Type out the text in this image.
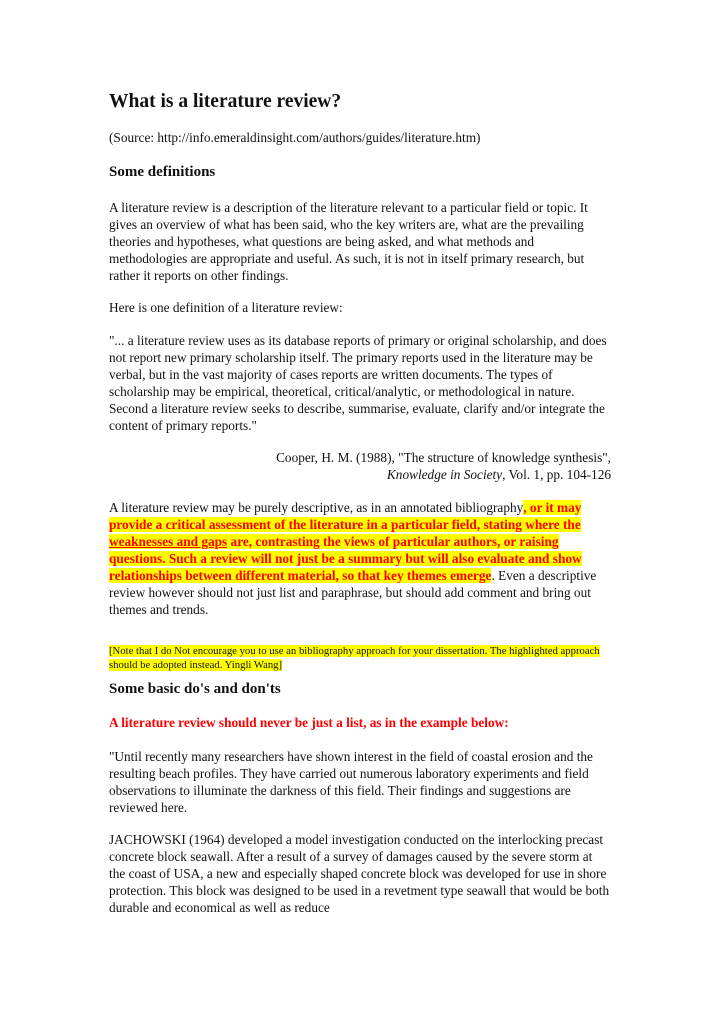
What is a literature review?

(Source: http://info.emeraldinsight.com/authors/guides/literature.htm)

Some definitions

A literature review is a description of the literature relevant to a particular field or topic. It gives an overview of what has been said, who the key writers are, what are the prevailing theories and hypotheses, what questions are being asked, and what methods and methodologies are appropriate and useful. As such, it is not in itself primary research, but rather it reports on other findings.

Here is one definition of a literature review:

"... a literature review uses as its database reports of primary or original scholarship, and does not report new primary scholarship itself. The primary reports used in the literature may be verbal, but in the vast majority of cases reports are written documents. The types of scholarship may be empirical, theoretical, critical/analytic, or methodological in nature. Second a literature review seeks to describe, summarise, evaluate, clarify and/or integrate the content of primary reports."

Cooper, H. M. (1988), "The structure of knowledge synthesis",
Knowledge in Society, Vol. 1, pp. 104-126

A literature review may be purely descriptive, as in an annotated bibliography, or it may provide a critical assessment of the literature in a particular field, stating where the weaknesses and gaps are, contrasting the views of particular authors, or raising questions. Such a review will not just be a summary but will also evaluate and show relationships between different material, so that key themes emerge. Even a descriptive review however should not just list and paraphrase, but should add comment and bring out themes and trends.

[Note that I do Not encourage you to use an bibliography approach for your dissertation. The highlighted approach should be adopted instead. Yingli Wang]

Some basic do's and don'ts

A literature review should never be just a list, as in the example below:

"Until recently many researchers have shown interest in the field of coastal erosion and the resulting beach profiles. They have carried out numerous laboratory experiments and field observations to illuminate the darkness of this field. Their findings and suggestions are reviewed here.

JACHOWSKI (1964) developed a model investigation conducted on the interlocking precast concrete block seawall. After a result of a survey of damages caused by the severe storm at the coast of USA, a new and especially shaped concrete block was developed for use in shore protection. This block was designed to be used in a revetment type seawall that would be both durable and economical as well as reduce
